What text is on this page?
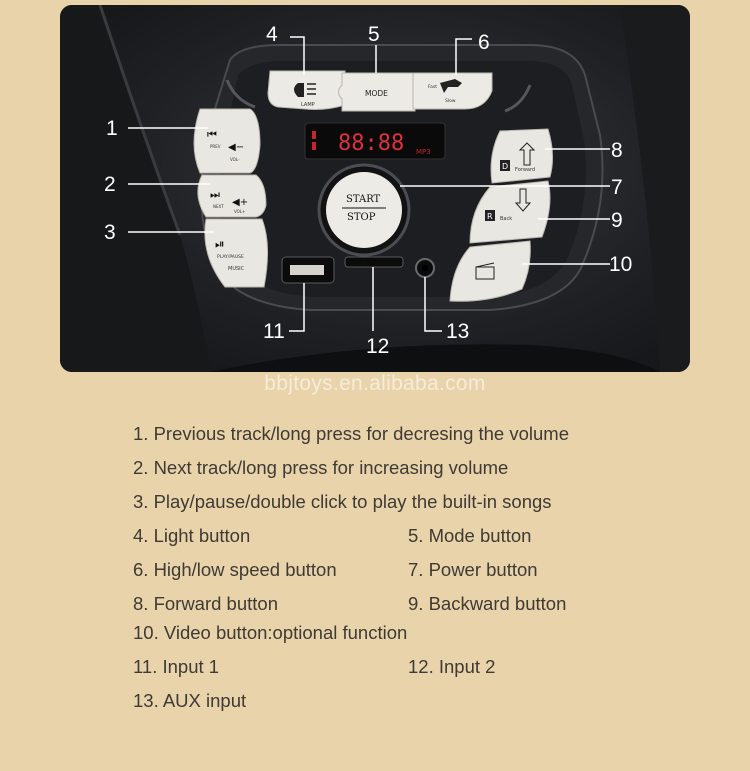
LAMP
MODE
Fast
Slow
88:88 MP3
⏮
PREV ◀−
VOL-
⏭
NEXT ◀+
VOL+
⏯
PLAY/PAUSE
MUSIC
START
STOP
D Forward
R Back
1
2
3
4	5	6
7
8
9
10
11
12
13
bbjtoys.en.alibaba.com
1. Previous track/long press for decresing the volume
2. Next track/long press for increasing volume
3. Play/pause/double click to play the built-in songs
4. Light button	5. Mode button
6. High/low speed button	7. Power button
8. Forward button	9. Backward button
10. Video button:optional function
11. Input 1	12. Input 2
13. AUX input
